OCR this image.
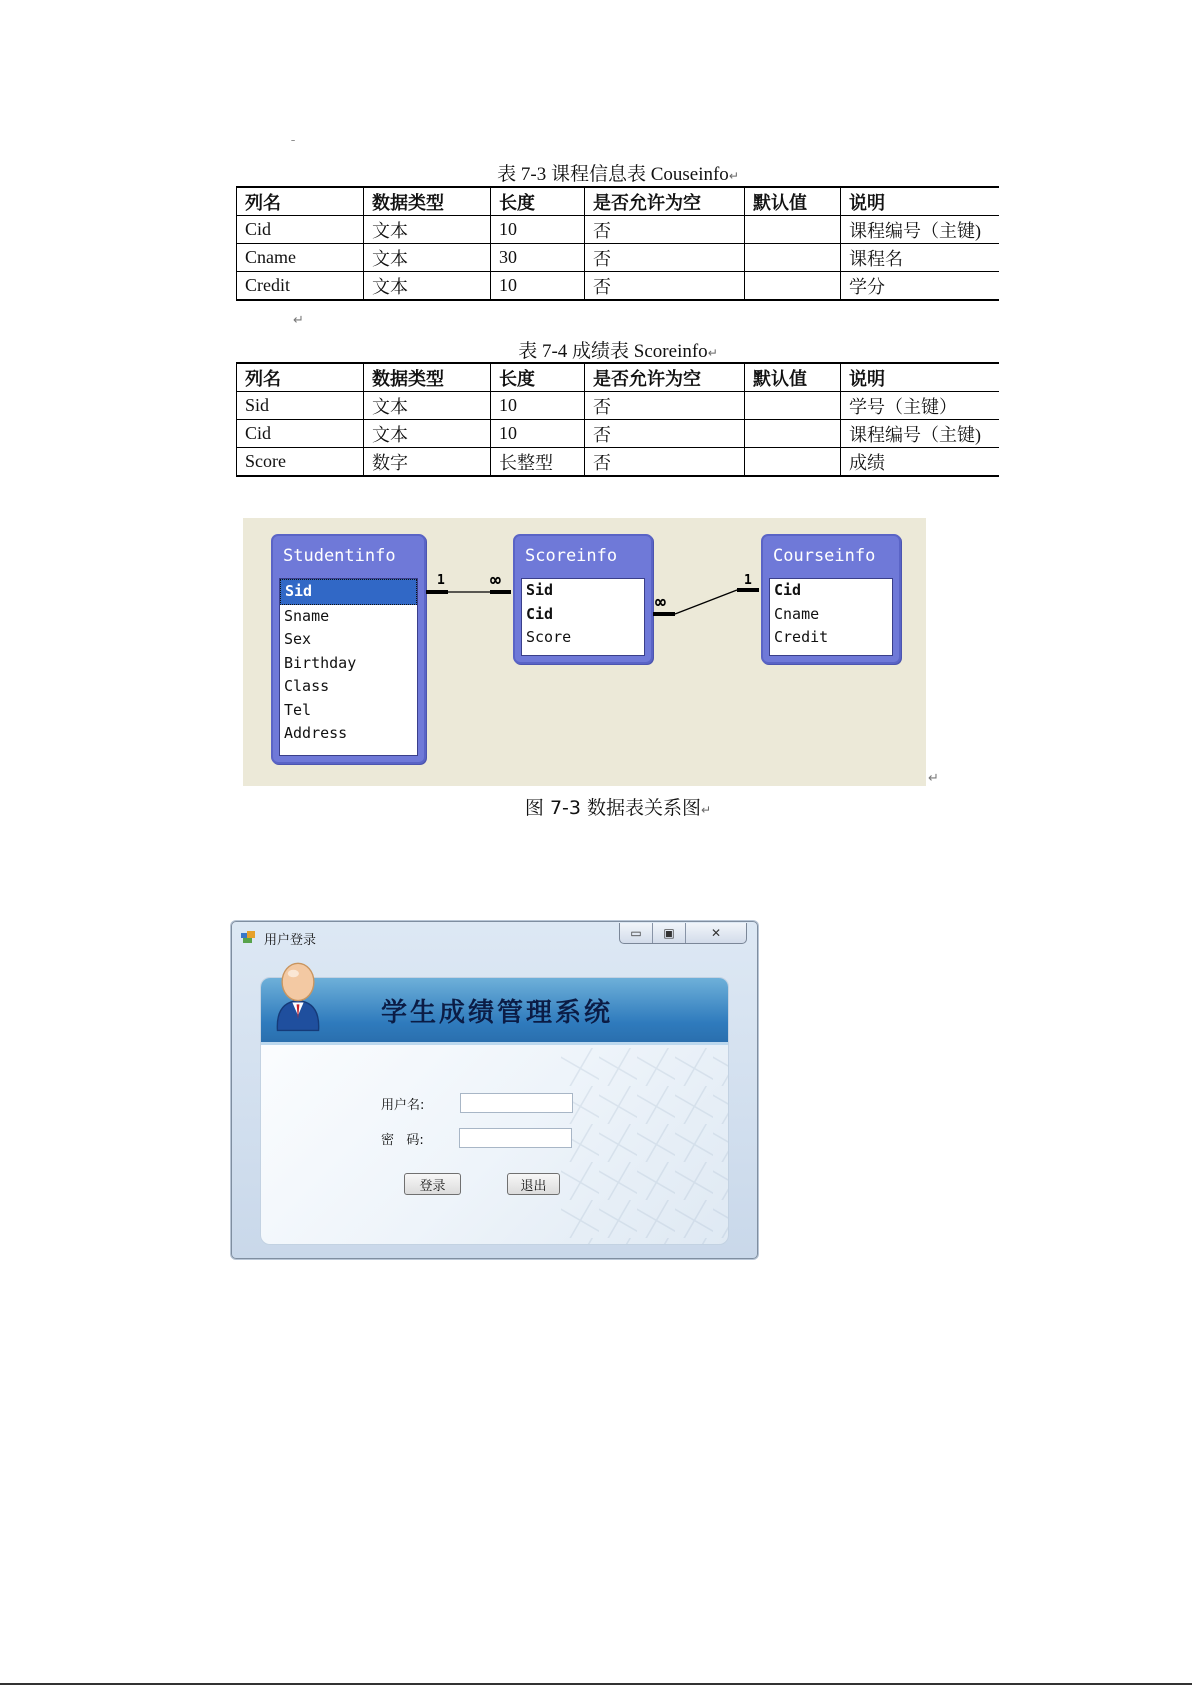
ˉ
表 7-3 课程信息表 Couseinfo↵
列名	数据类型	长度	是否允许为空	默认值	说明
Cid	文本	10	否		课程编号（主键)
Cname	文本	30	否		课程名
Credit	文本	10	否		学分
↵
表 7-4 成绩表 Scoreinfo↵
列名	数据类型	长度	是否允许为空	默认值	说明
Sid	文本	10	否		学号（主键）
Cid	文本	10	否		课程编号（主键)
Score	数字	长整型	否		成绩
Studentinfo
Sid
Sname
Sex
Birthday
Class
Tel
Address
Scoreinfo
Sid
Cid
Score
Courseinfo
Cid
Cname
Credit
1	∞
∞
1
↵
图 7-3 数据表关系图↵
用户登录	▭	▣	✕
学生成绩管理系统
用户名:
密   码:
登录	退出
